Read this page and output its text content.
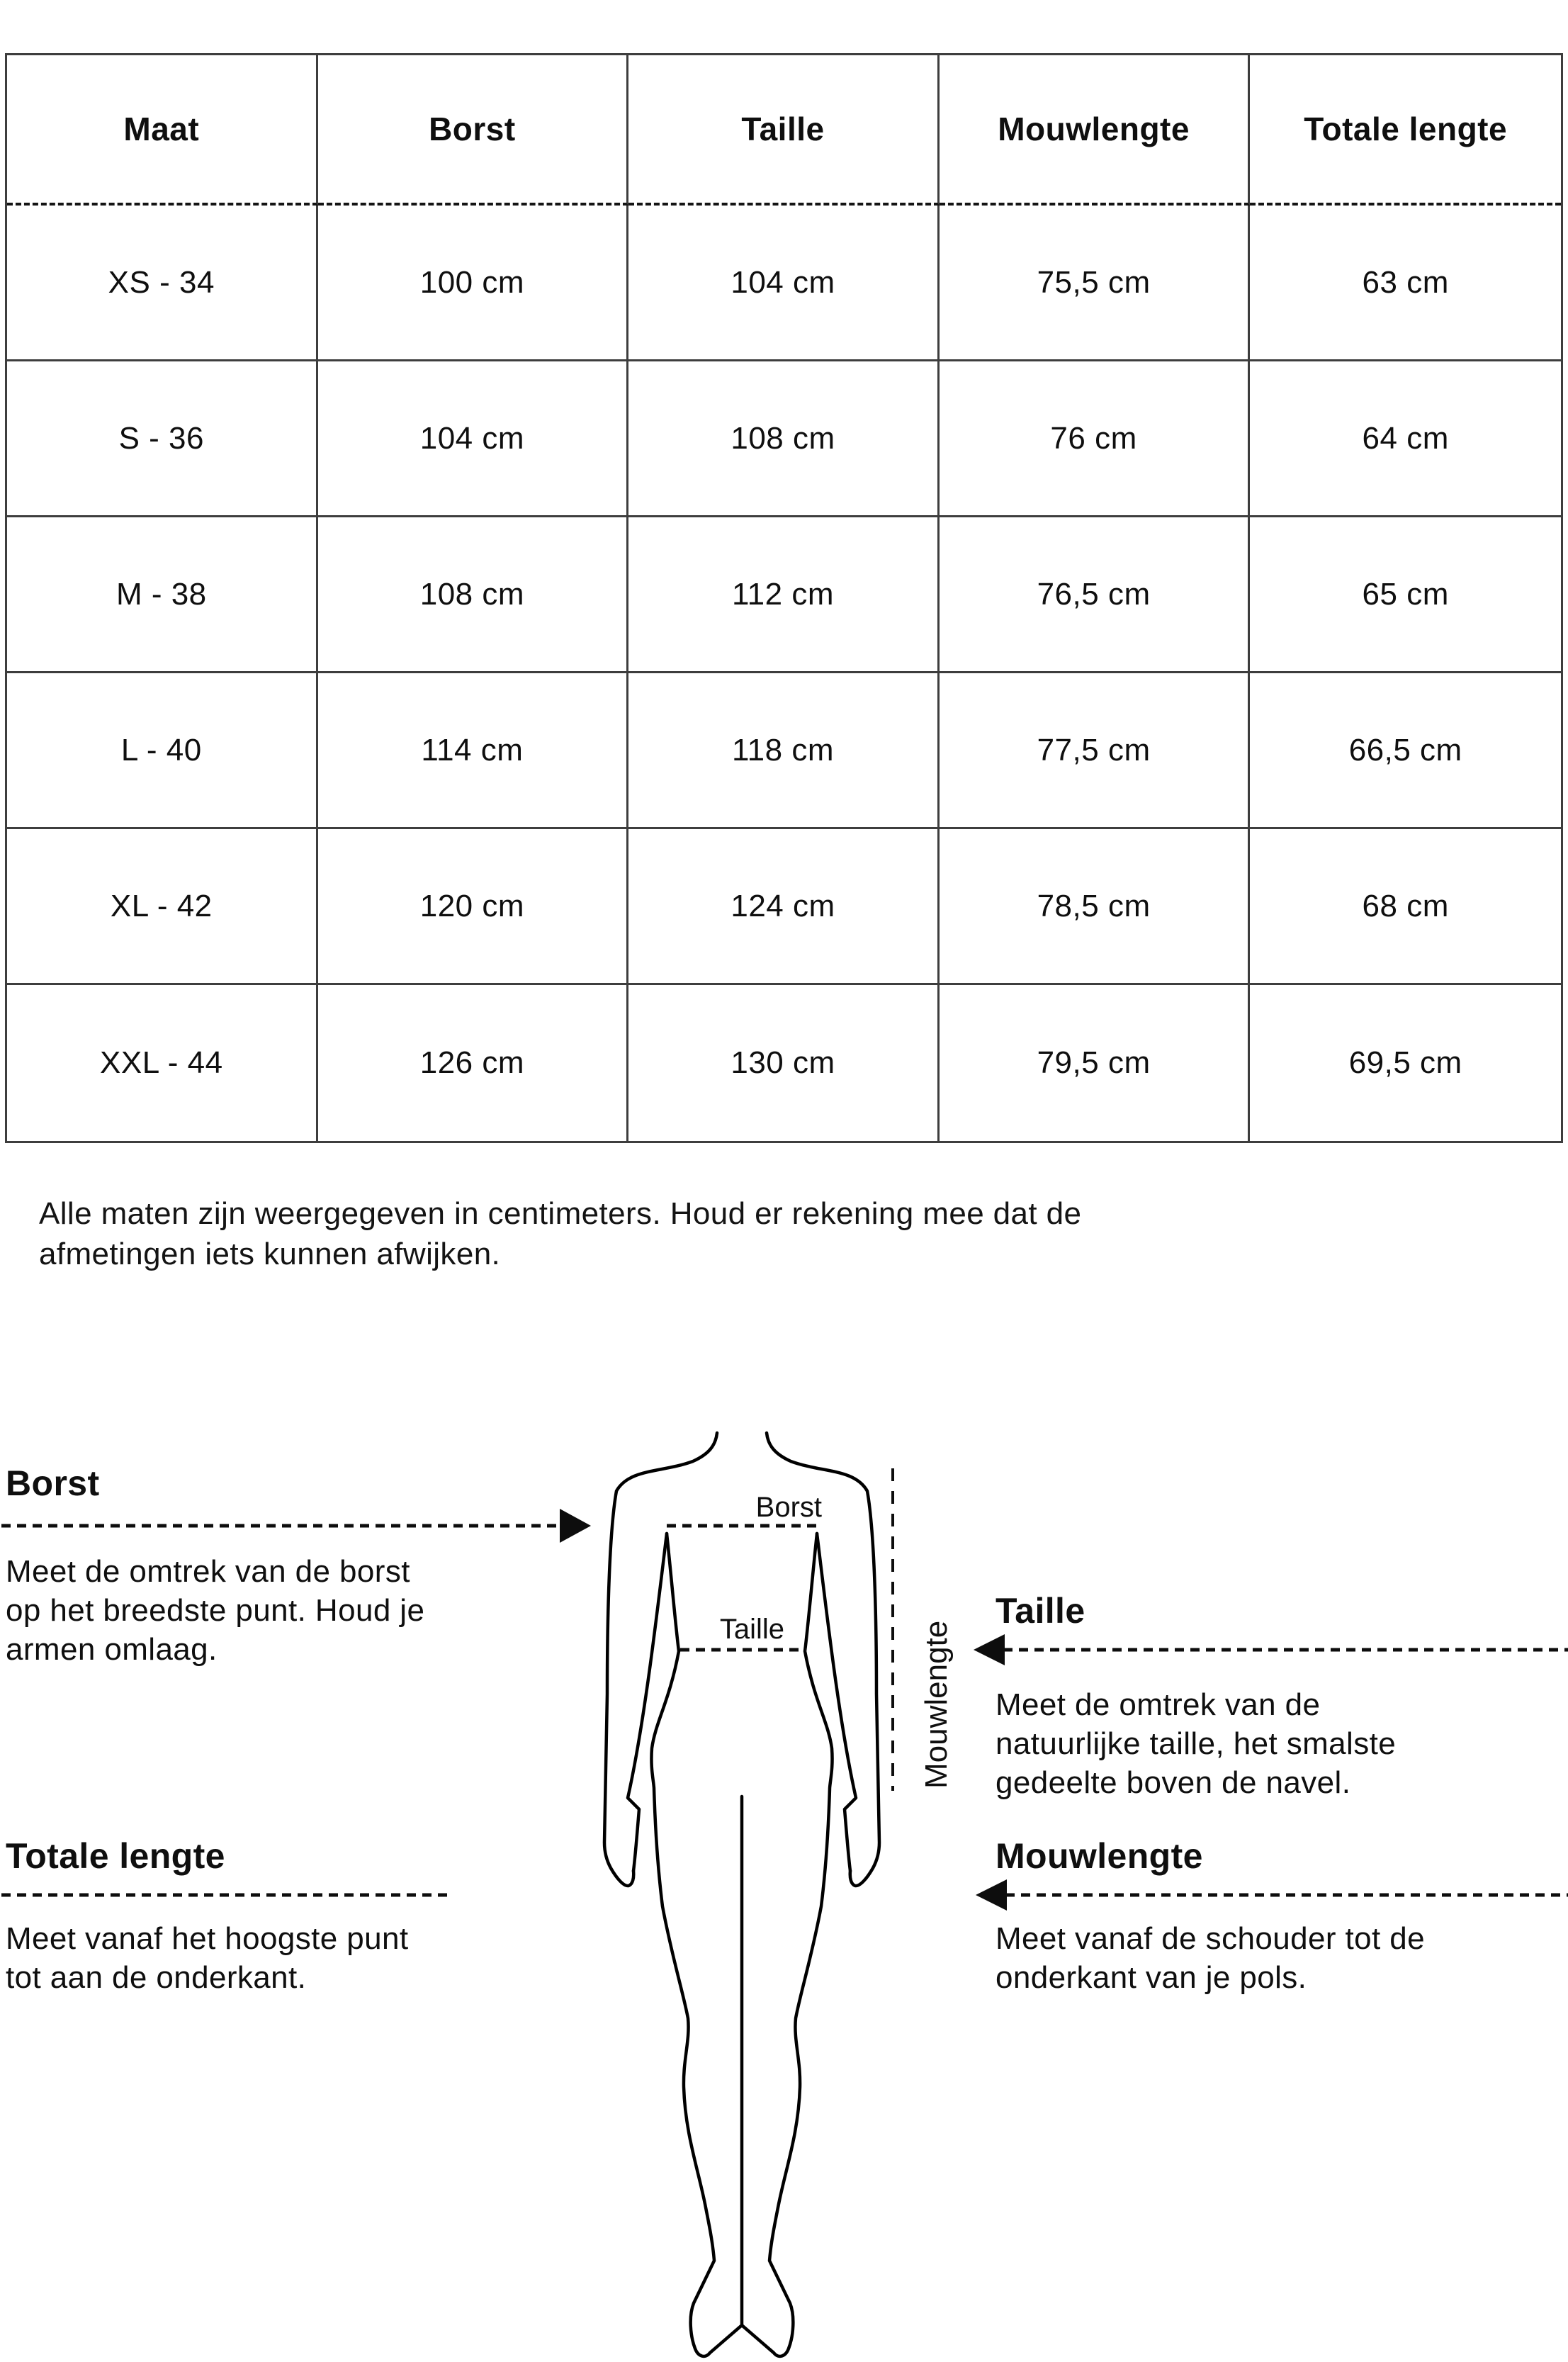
Maat	Borst	Taille	Mouwlengte	Totale lengte
XS - 34	100 cm	104 cm	75,5 cm	63 cm
S - 36	104 cm	108 cm	76 cm	64 cm
M - 38	108 cm	112 cm	76,5 cm	65 cm
L - 40	114 cm	118 cm	77,5 cm	66,5 cm
XL - 42	120 cm	124 cm	78,5 cm	68 cm
XXL - 44	126 cm	130 cm	79,5 cm	69,5 cm
Alle maten zijn weergegeven in centimeters. Houd er rekening mee dat de
afmetingen iets kunnen afwijken.
Borst
Meet de omtrek van de borst
op het breedste punt. Houd je
armen omlaag.
Taille
Meet de omtrek van de
natuurlijke taille, het smalste
gedeelte boven de navel.
Totale lengte
Meet vanaf het hoogste punt
tot aan de onderkant.
Mouwlengte
Meet vanaf de schouder tot de
onderkant van je pols.
Borst
Taille	Mouwlengte
